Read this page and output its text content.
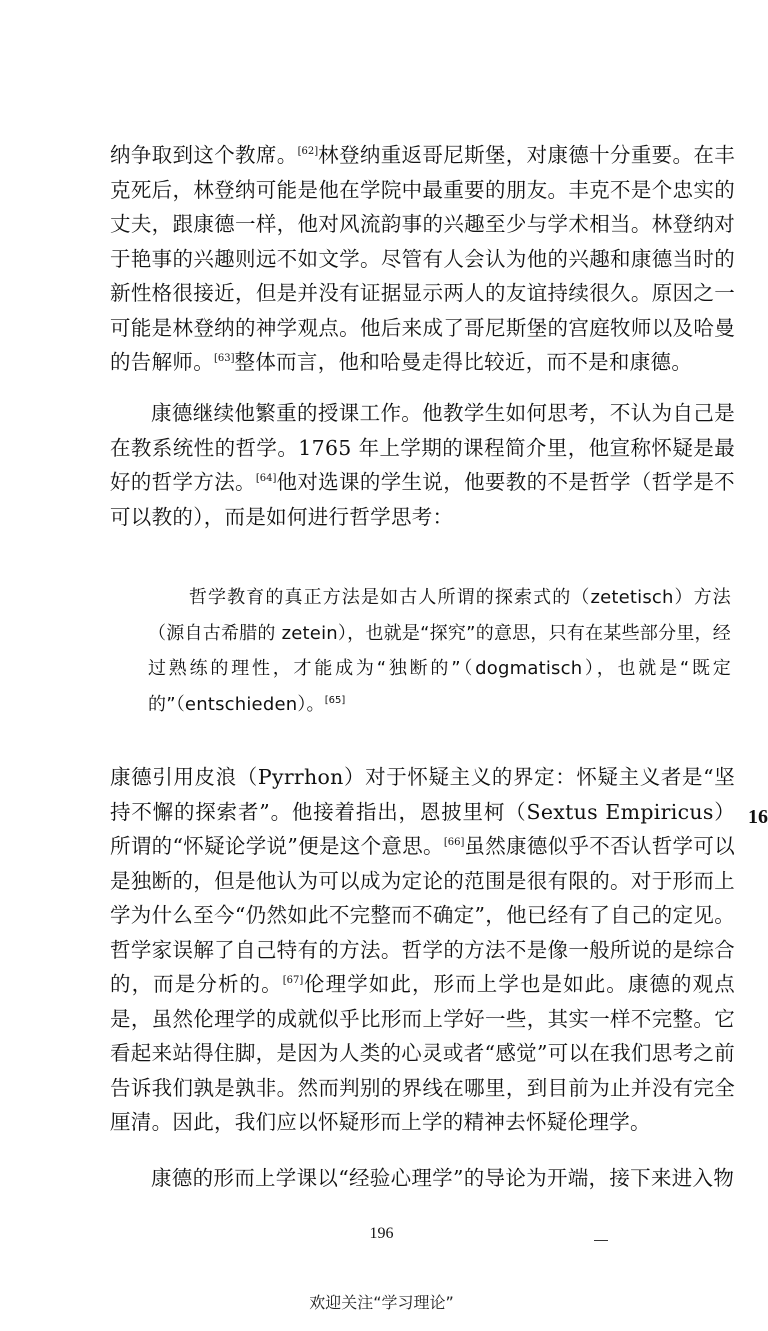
纳争取到这个教席。[62]林登纳重返哥尼斯堡，对康德十分重要。在丰克死后，林登纳可能是他在学院中最重要的朋友。丰克不是个忠实的丈夫，跟康德一样，他对风流韵事的兴趣至少与学术相当。林登纳对于艳事的兴趣则远不如文学。尽管有人会认为他的兴趣和康德当时的新性格很接近，但是并没有证据显示两人的友谊持续很久。原因之一可能是林登纳的神学观点。他后来成了哥尼斯堡的宫庭牧师以及哈曼的告解师。[63]整体而言，他和哈曼走得比较近，而不是和康德。

康德继续他繁重的授课工作。他教学生如何思考，不认为自己是在教系统性的哲学。1765 年上学期的课程简介里，他宣称怀疑是最好的哲学方法。[64]他对选课的学生说，他要教的不是哲学（哲学是不可以教的），而是如何进行哲学思考：

哲学教育的真正方法是如古人所谓的探索式的（zetetisch）方法（源自古希腊的 zetein），也就是“探究”的意思，只有在某些部分里，经过熟练的理性，才能成为“独断的”（dogmatisch），也就是“既定的”（entschieden）。[65]

康德引用皮浪（Pyrrhon）对于怀疑主义的界定：怀疑主义者是“坚持不懈的探索者”。他接着指出，恩披里柯（Sextus Empiricus）所谓的“怀疑论学说”便是这个意思。[66]虽然康德似乎不否认哲学可以是独断的，但是他认为可以成为定论的范围是很有限的。对于形而上学为什么至今“仍然如此不完整而不确定”，他已经有了自己的定见。哲学家误解了自己特有的方法。哲学的方法不是像一般所说的是综合的，而是分析的。[67]伦理学如此，形而上学也是如此。康德的观点是，虽然伦理学的成就似乎比形而上学好一些，其实一样不完整。它看起来站得住脚，是因为人类的心灵或者“感觉”可以在我们思考之前告诉我们孰是孰非。然而判别的界线在哪里，到目前为止并没有完全厘清。因此，我们应以怀疑形而上学的精神去怀疑伦理学。

康德的形而上学课以“经验心理学”的导论为开端，接下来进入物

16
196
欢迎关注“学习理论”
